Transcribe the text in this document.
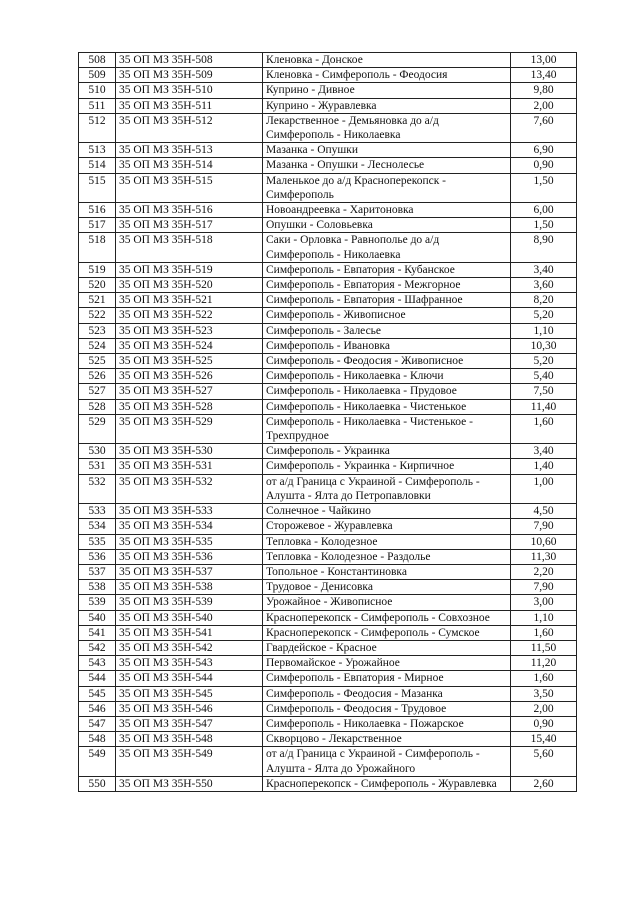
508	35 ОП МЗ 35Н-508	Кленовка - Донское	13,00
509	35 ОП МЗ 35Н-509	Кленовка - Симферополь - Феодосия	13,40
510	35 ОП МЗ 35Н-510	Куприно - Дивное	9,80
511	35 ОП МЗ 35Н-511	Куприно - Журавлевка	2,00
512	35 ОП МЗ 35Н-512	Лекарственное - Демьяновка до а/д Симферополь - Николаевка	7,60
513	35 ОП МЗ 35Н-513	Мазанка - Опушки	6,90
514	35 ОП МЗ 35Н-514	Мазанка - Опушки - Леснолесье	0,90
515	35 ОП МЗ 35Н-515	Маленькое до а/д Красноперекопск - Симферополь	1,50
516	35 ОП МЗ 35Н-516	Новоандреевка - Харитоновка	6,00
517	35 ОП МЗ 35Н-517	Опушки - Соловьевка	1,50
518	35 ОП МЗ 35Н-518	Саки - Орловка - Равнополье до а/д Симферополь - Николаевка	8,90
519	35 ОП МЗ 35Н-519	Симферополь - Евпатория - Кубанское	3,40
520	35 ОП МЗ 35Н-520	Симферополь - Евпатория - Межгорное	3,60
521	35 ОП МЗ 35Н-521	Симферополь - Евпатория - Шафранное	8,20
522	35 ОП МЗ 35Н-522	Симферополь - Живописное	5,20
523	35 ОП МЗ 35Н-523	Симферополь - Залесье	1,10
524	35 ОП МЗ 35Н-524	Симферополь - Ивановка	10,30
525	35 ОП МЗ 35Н-525	Симферополь - Феодосия - Живописное	5,20
526	35 ОП МЗ 35Н-526	Симферополь - Николаевка - Ключи	5,40
527	35 ОП МЗ 35Н-527	Симферополь - Николаевка - Прудовое	7,50
528	35 ОП МЗ 35Н-528	Симферополь - Николаевка - Чистенькое	11,40
529	35 ОП МЗ 35Н-529	Симферополь - Николаевка - Чистенькое - Трехпрудное	1,60
530	35 ОП МЗ 35Н-530	Симферополь - Украинка	3,40
531	35 ОП МЗ 35Н-531	Симферополь - Украинка - Кирпичное	1,40
532	35 ОП МЗ 35Н-532	от а/д Граница с Украиной - Симферополь - Алушта - Ялта до Петропавловки	1,00
533	35 ОП МЗ 35Н-533	Солнечное - Чайкино	4,50
534	35 ОП МЗ 35Н-534	Сторожевое - Журавлевка	7,90
535	35 ОП МЗ 35Н-535	Тепловка - Колодезное	10,60
536	35 ОП МЗ 35Н-536	Тепловка - Колодезное - Раздолье	11,30
537	35 ОП МЗ 35Н-537	Топольное - Константиновка	2,20
538	35 ОП МЗ 35Н-538	Трудовое - Денисовка	7,90
539	35 ОП МЗ 35Н-539	Урожайное - Живописное	3,00
540	35 ОП МЗ 35Н-540	Красноперекопск - Симферополь - Совхозное	1,10
541	35 ОП МЗ 35Н-541	Красноперекопск - Симферополь - Сумское	1,60
542	35 ОП МЗ 35Н-542	Гвардейское - Красное	11,50
543	35 ОП МЗ 35Н-543	Первомайское - Урожайное	11,20
544	35 ОП МЗ 35Н-544	Симферополь - Евпатория - Мирное	1,60
545	35 ОП МЗ 35Н-545	Симферополь - Феодосия - Мазанка	3,50
546	35 ОП МЗ 35Н-546	Симферополь - Феодосия - Трудовое	2,00
547	35 ОП МЗ 35Н-547	Симферополь - Николаевка - Пожарское	0,90
548	35 ОП МЗ 35Н-548	Скворцово - Лекарственное	15,40
549	35 ОП МЗ 35Н-549	от а/д Граница с Украиной - Симферополь - Алушта - Ялта до Урожайного	5,60
550	35 ОП МЗ 35Н-550	Красноперекопск - Симферополь - Журавлевка	2,60
